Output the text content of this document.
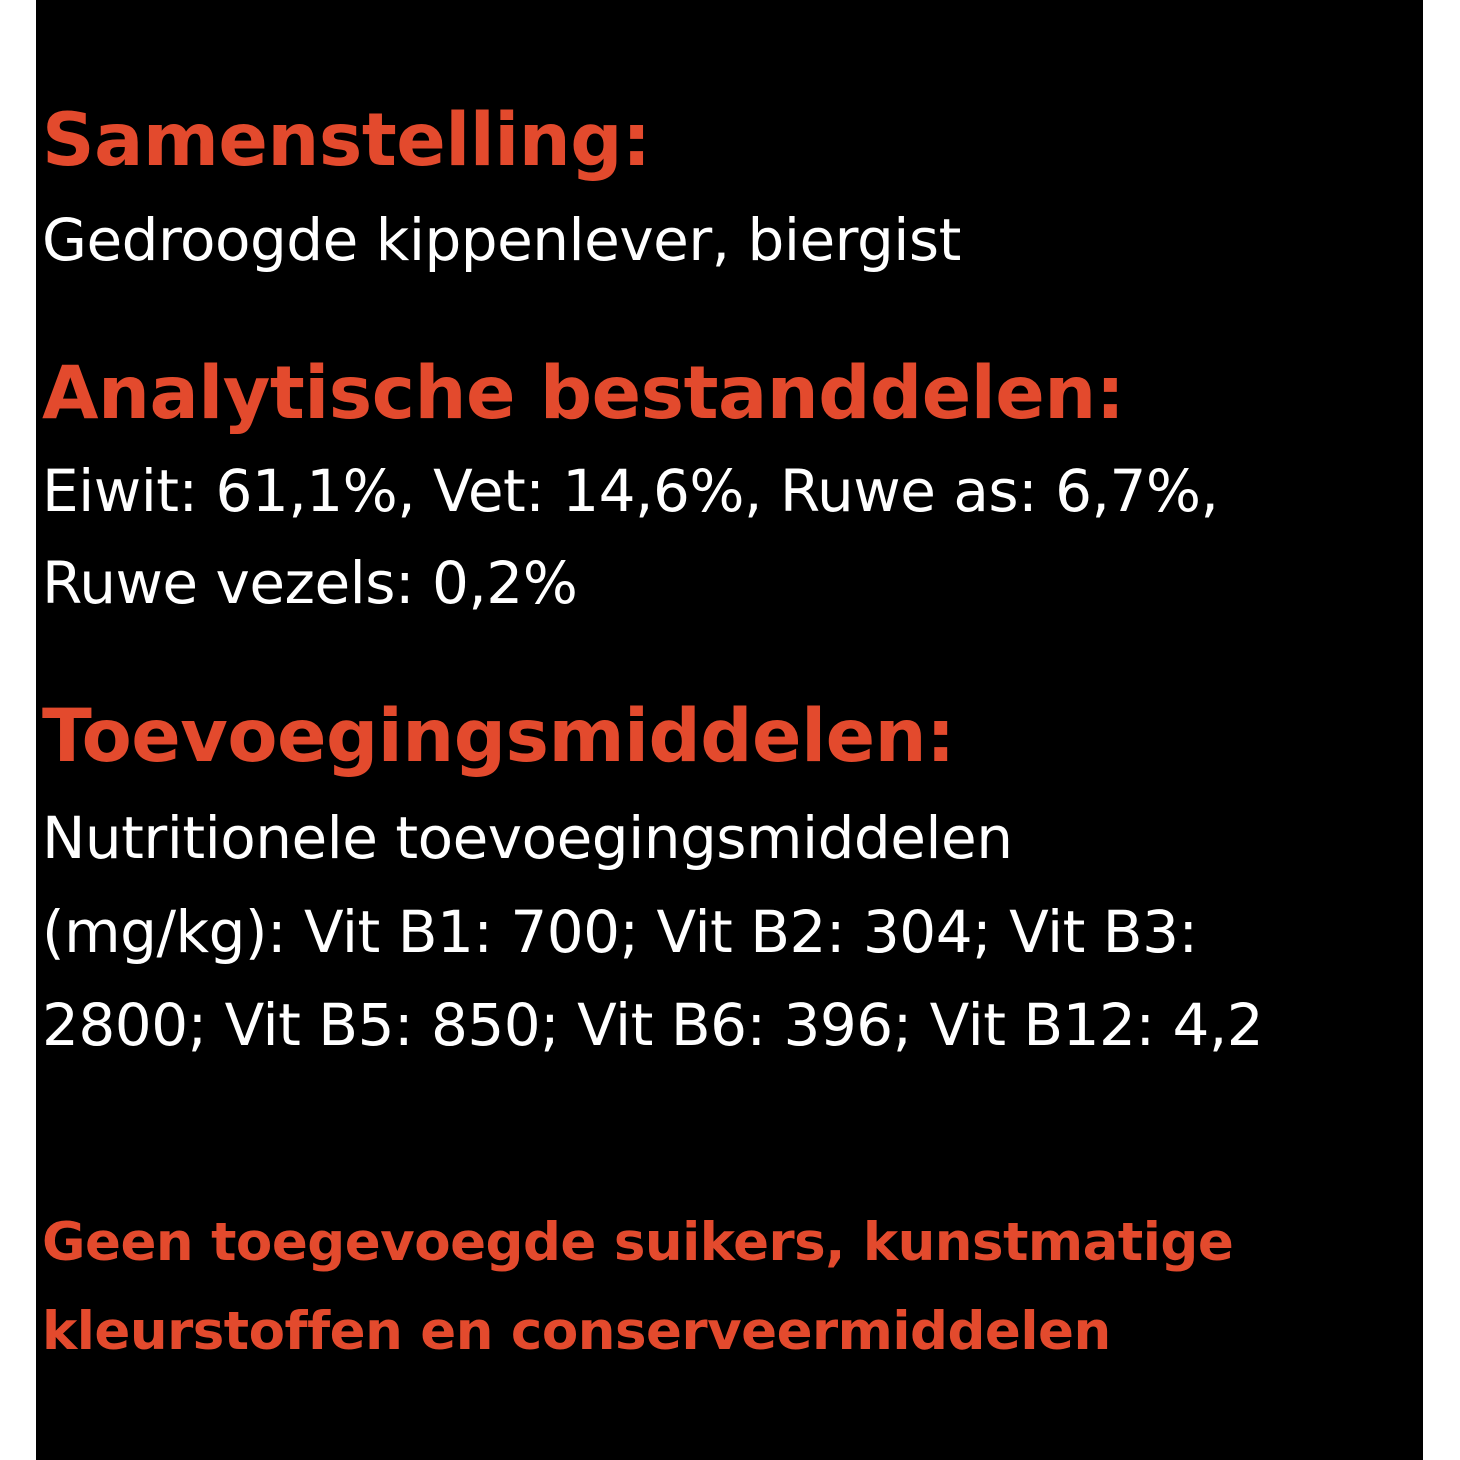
Samenstelling:

Gedroogde kippenlever, biergist

Analytische bestanddelen:

Eiwit: 61,1%, Vet: 14,6%, Ruwe as: 6,7%,

Ruwe vezels: 0,2%

Toevoegingsmiddelen:

Nutritionele toevoegingsmiddelen

(mg/kg): Vit B1: 700; Vit B2: 304; Vit B3:

2800; Vit B5: 850; Vit B6: 396; Vit B12: 4,2

Geen toegevoegde suikers, kunstmatige

kleurstoffen en conserveermiddelen
